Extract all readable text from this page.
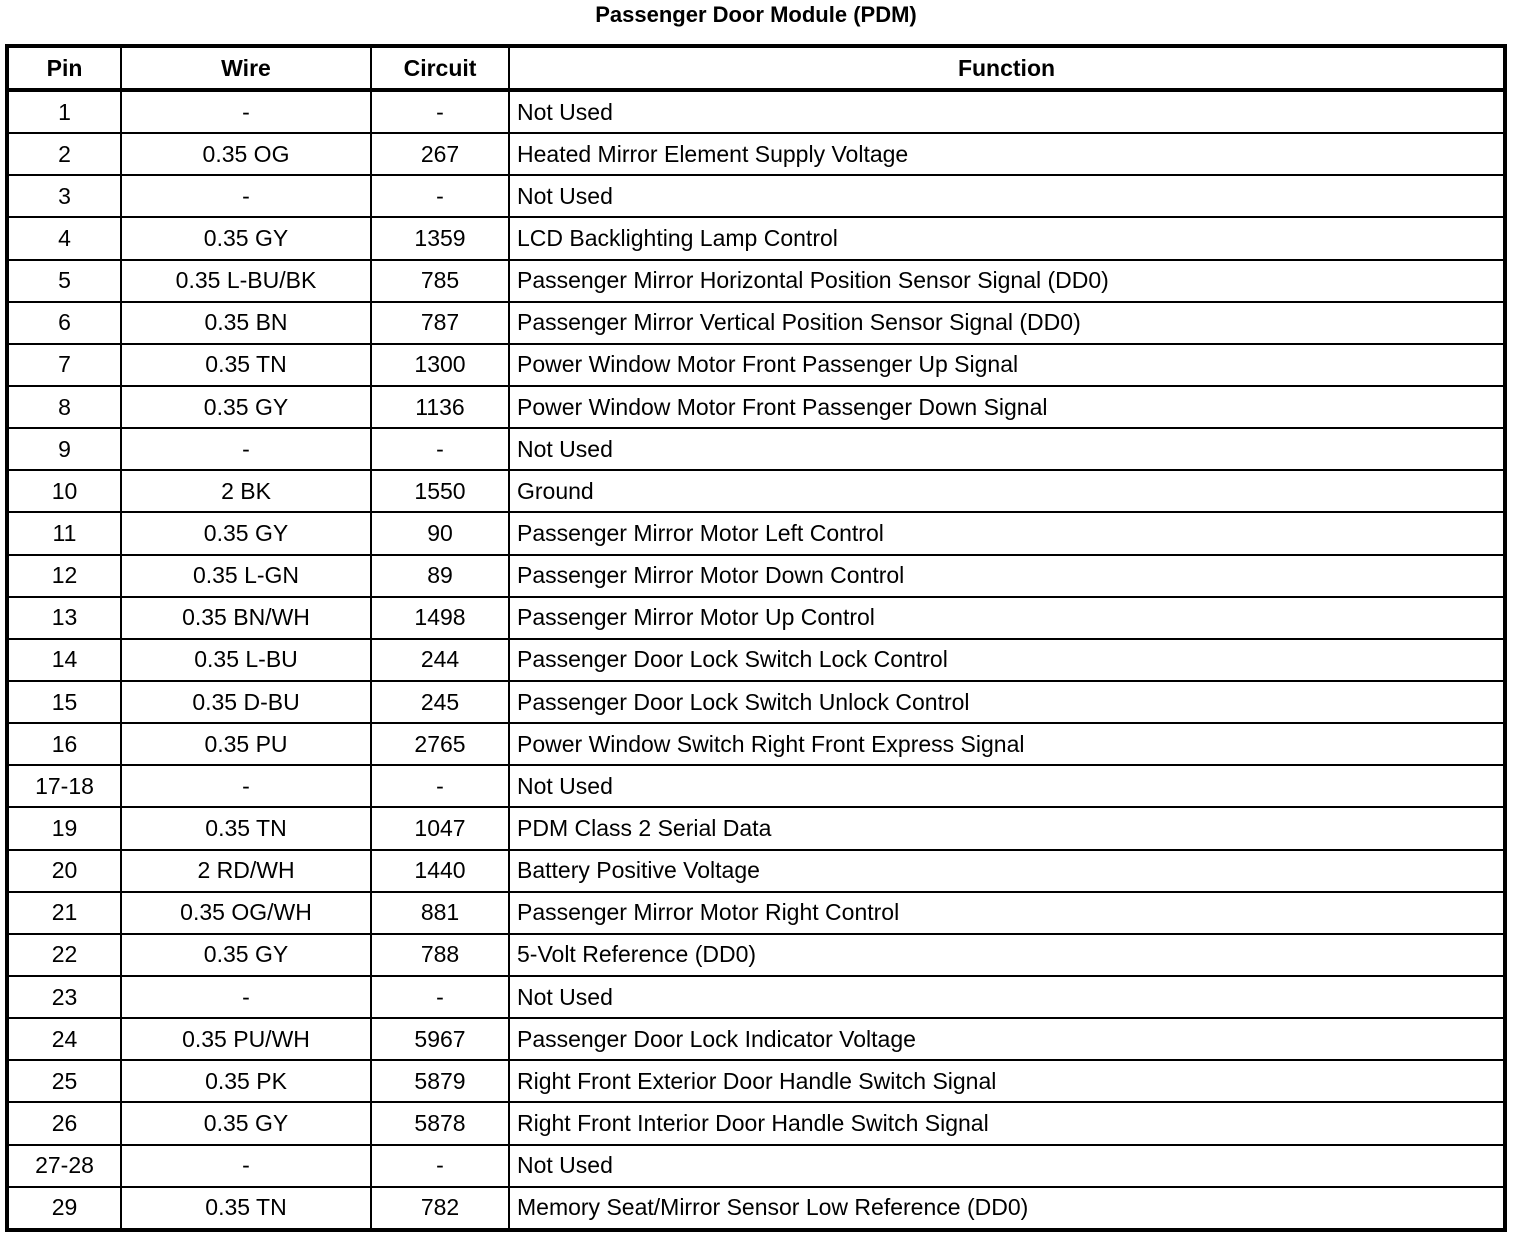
Passenger Door Module (PDM)
Pin	Wire	Circuit	Function
1	-	-	Not Used
2	0.35 OG	267	Heated Mirror Element Supply Voltage
3	-	-	Not Used
4	0.35 GY	1359	LCD Backlighting Lamp Control
5	0.35 L-BU/BK	785	Passenger Mirror Horizontal Position Sensor Signal (DD0)
6	0.35 BN	787	Passenger Mirror Vertical Position Sensor Signal (DD0)
7	0.35 TN	1300	Power Window Motor Front Passenger Up Signal
8	0.35 GY	1136	Power Window Motor Front Passenger Down Signal
9	-	-	Not Used
10	2 BK	1550	Ground
11	0.35 GY	90	Passenger Mirror Motor Left Control
12	0.35 L-GN	89	Passenger Mirror Motor Down Control
13	0.35 BN/WH	1498	Passenger Mirror Motor Up Control
14	0.35 L-BU	244	Passenger Door Lock Switch Lock Control
15	0.35 D-BU	245	Passenger Door Lock Switch Unlock Control
16	0.35 PU	2765	Power Window Switch Right Front Express Signal
17-18	-	-	Not Used
19	0.35 TN	1047	PDM Class 2 Serial Data
20	2 RD/WH	1440	Battery Positive Voltage
21	0.35 OG/WH	881	Passenger Mirror Motor Right Control
22	0.35 GY	788	5-Volt Reference (DD0)
23	-	-	Not Used
24	0.35 PU/WH	5967	Passenger Door Lock Indicator Voltage
25	0.35 PK	5879	Right Front Exterior Door Handle Switch Signal
26	0.35 GY	5878	Right Front Interior Door Handle Switch Signal
27-28	-	-	Not Used
29	0.35 TN	782	Memory Seat/Mirror Sensor Low Reference (DD0)
